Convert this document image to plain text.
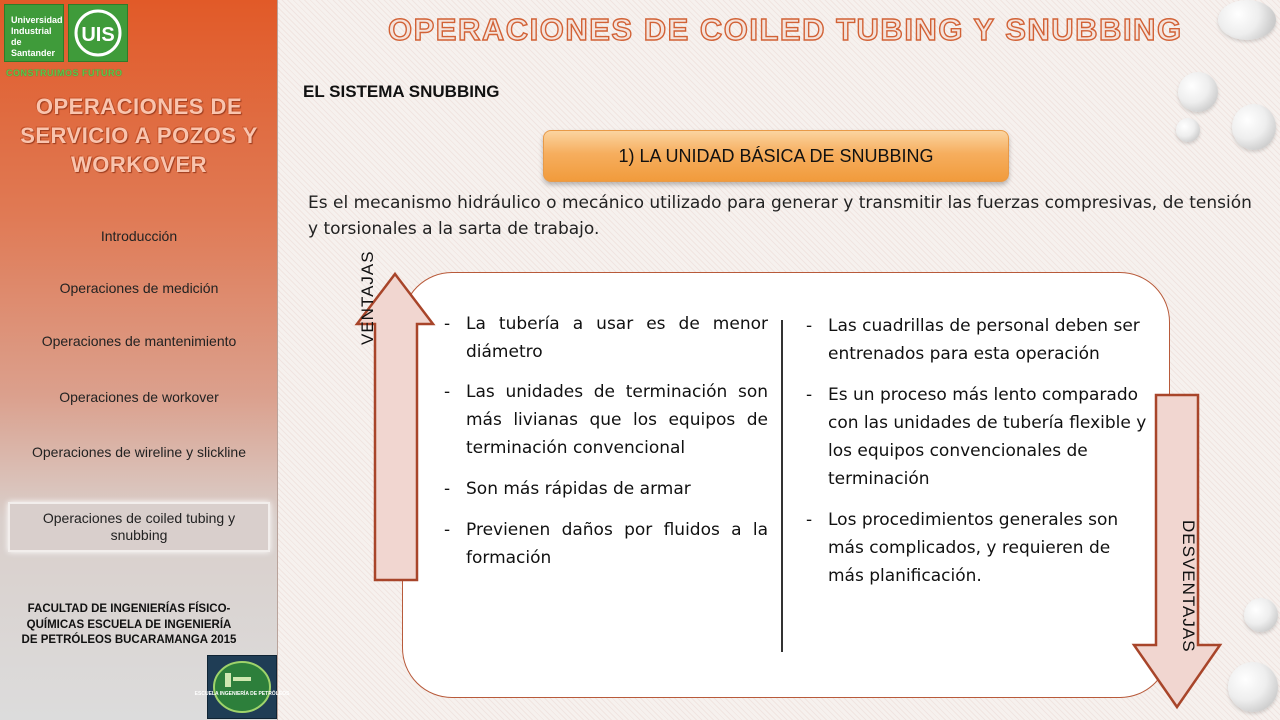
Universidad Industrial de Santander
UIS
CONSTRUIMOS FUTURO
OPERACIONES DE SERVICIO A POZOS Y WORKOVER
Introducción
Operaciones de medición
Operaciones de mantenimiento
Operaciones de workover
Operaciones de wireline y slickline
Operaciones de coiled tubing y snubbing
FACULTAD DE INGENIERÍAS FÍSICO-QUÍMICAS ESCUELA DE INGENIERÍA DE PETRÓLEOS BUCARAMANGA 2015
ESCUELA INGENIERÍA DE PETRÓLEOS
OPERACIONES DE COILED TUBING Y SNUBBING
EL SISTEMA SNUBBING
1) LA UNIDAD BÁSICA DE SNUBBING
Es el mecanismo hidráulico o mecánico utilizado para generar y transmitir las fuerzas compresivas, de tensión y torsionales a la sarta de trabajo.
VENTAJAS
DESVENTAJAS
- La tubería a usar es de menor diámetro
- Las unidades de terminación son más livianas que los equipos de terminación convencional
- Son más rápidas de armar
- Previenen daños por fluidos a la formación
- Las cuadrillas de personal deben ser entrenados para esta operación
- Es un proceso más lento comparado con las unidades de tubería flexible y los equipos convencionales de terminación
- Los procedimientos generales son más complicados, y requieren de más planificación.
